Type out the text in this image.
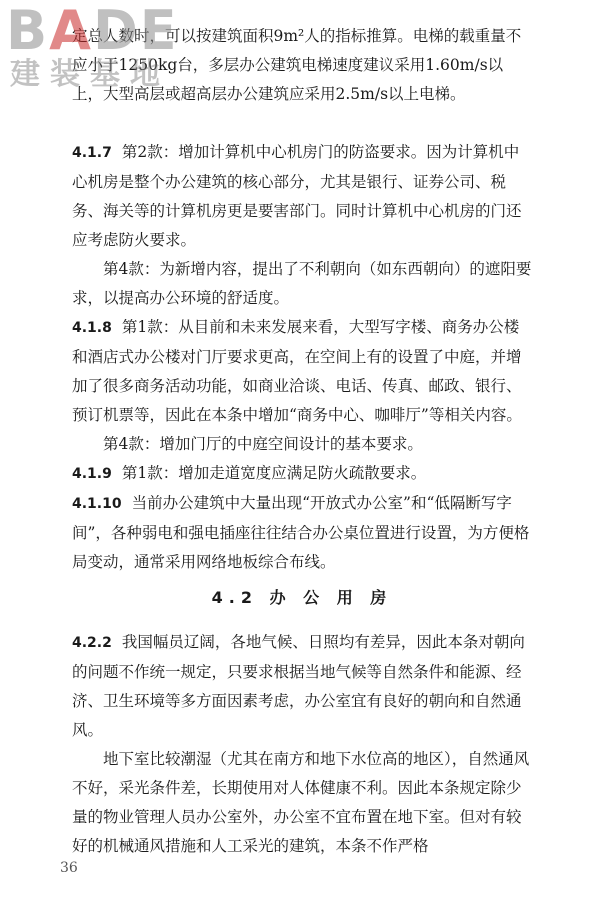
BADE
建装基地

定总人数时，可以按建筑面积9m²人的指标推算。电梯的载重量不应小于1250kg台，多层办公建筑电梯速度建议采用1.60m/s以上，大型高层或超高层办公建筑应采用2.5m/s以上电梯。

4.1.7 第2款：增加计算机中心机房门的防盗要求。因为计算机中心机房是整个办公建筑的核心部分，尤其是银行、证券公司、税务、海关等的计算机房更是要害部门。同时计算机中心机房的门还应考虑防火要求。

第4款：为新增内容，提出了不利朝向（如东西朝向）的遮阳要求，以提高办公环境的舒适度。

4.1.8 第1款：从目前和未来发展来看，大型写字楼、商务办公楼和酒店式办公楼对门厅要求更高，在空间上有的设置了中庭，并增加了很多商务活动功能，如商业洽谈、电话、传真、邮政、银行、预订机票等，因此在本条中增加“商务中心、咖啡厅”等相关内容。

第4款：增加门厅的中庭空间设计的基本要求。

4.1.9 第1款：增加走道宽度应满足防火疏散要求。

4.1.10 当前办公建筑中大量出现“开放式办公室”和“低隔断写字间”，各种弱电和强电插座往往结合办公桌位置进行设置，为方便格局变动，通常采用网络地板综合布线。

4.2 办 公 用 房

4.2.2 我国幅员辽阔，各地气候、日照均有差异，因此本条对朝向的问题不作统一规定，只要求根据当地气候等自然条件和能源、经济、卫生环境等多方面因素考虑，办公室宜有良好的朝向和自然通风。

地下室比较潮湿（尤其在南方和地下水位高的地区），自然通风不好，采光条件差，长期使用对人体健康不利。因此本条规定除少量的物业管理人员办公室外，办公室不宜布置在地下室。但对有较好的机械通风措施和人工采光的建筑，本条不作严格

36
